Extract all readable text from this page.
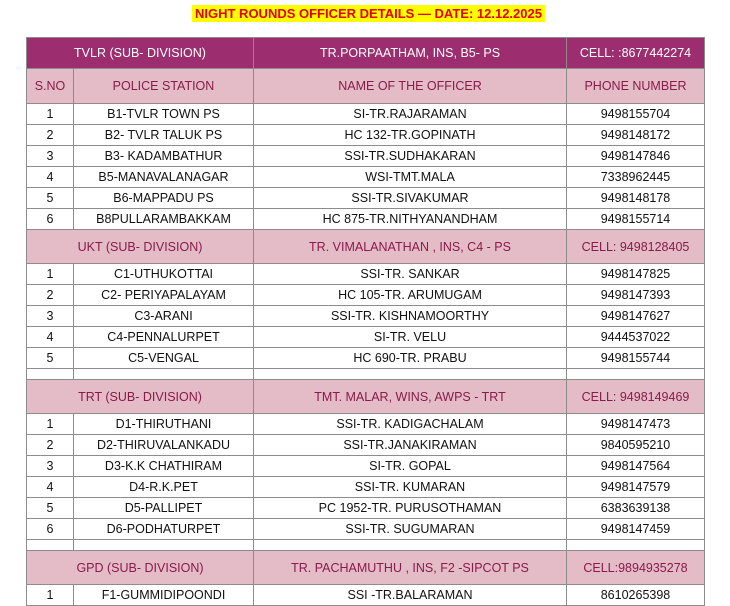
NIGHT ROUNDS OFFICER DETAILS — DATE: 12.12.2025
TVLR (SUB- DIVISION)		TR.PORPAATHAM, INS, B5- PS	CELL: :8677442274
S.NO	POLICE STATION	NAME OF THE OFFICER	PHONE NUMBER
1	B1-TVLR TOWN PS	SI-TR.RAJARAMAN	9498155704
2	B2- TVLR TALUK PS	HC 132-TR.GOPINATH	9498148172
3	B3- KADAMBATHUR	SSI-TR.SUDHAKARAN	9498147846
4	B5-MANAVALANAGAR	WSI-TMT.MALA	7338962445
5	B6-MAPPADU PS	SSI-TR.SIVAKUMAR	9498148178
6	B8PULLARAMBAKKAM	HC 875-TR.NITHYANANDHAM	9498155714
UKT (SUB- DIVISION)		TR. VIMALANATHAN , INS, C4 - PS	CELL: 9498128405
1	C1-UTHUKOTTAI	SSI-TR. SANKAR	9498147825
2	C2- PERIYAPALAYAM	HC 105-TR. ARUMUGAM	9498147393
3	C3-ARANI	SSI-TR. KISHNAMOORTHY	9498147627
4	C4-PENNALURPET	SI-TR. VELU	9444537022
5	C5-VENGAL	HC 690-TR. PRABU	9498155744

TRT (SUB- DIVISION)		TMT. MALAR, WINS, AWPS - TRT	CELL: 9498149469
1	D1-THIRUTHANI	SSI-TR. KADIGACHALAM	9498147473
2	D2-THIRUVALANKADU	SSI-TR.JANAKIRAMAN	9840595210
3	D3-K.K CHATHIRAM	SI-TR. GOPAL	9498147564
4	D4-R.K.PET	SSI-TR. KUMARAN	9498147579
5	D5-PALLIPET	PC 1952-TR. PURUSOTHAMAN	6383639138
6	D6-PODHATURPET	SSI-TR. SUGUMARAN	9498147459

GPD (SUB- DIVISION)		TR. PACHAMUTHU , INS, F2 -SIPCOT PS	CELL:9894935278
1	F1-GUMMIDIPOONDI	SSI -TR.BALARAMAN	8610265398
